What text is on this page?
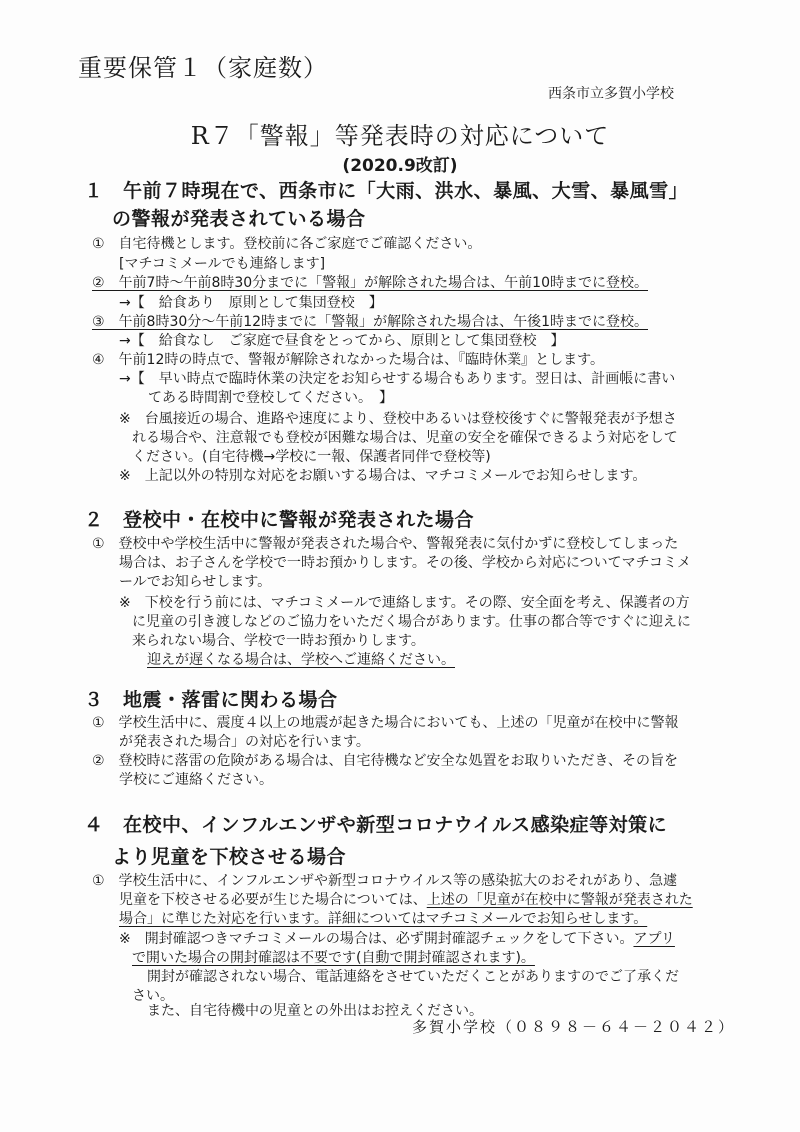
重要保管１（家庭数）
西条市立多賀小学校
R７「警報」等発表時の対応について
(2020.9改訂)
１　午前７時現在で、西条市に「大雨、洪水、暴風、大雪、暴風雪」
の警報が発表されている場合
①　自宅待機とします。登校前に各ご家庭でご確認ください。
[マチコミメールでも連絡します]
②　午前7時～午前8時30分までに「警報」が解除された場合は、午前10時までに登校。
→【　給食あり　原則として集団登校　】
③　午前8時30分～午前12時までに「警報」が解除された場合は、午後1時までに登校。
→【　給食なし　ご家庭で昼食をとってから、原則として集団登校　】
④　午前12時の時点で、警報が解除されなかった場合は、『臨時休業』とします。
→【　早い時点で臨時休業の決定をお知らせする場合もあります。翌日は、計画帳に書い
てある時間割で登校してください。　】
※　台風接近の場合、進路や速度により、登校中あるいは登校後すぐに警報発表が予想さ
れる場合や、注意報でも登校が困難な場合は、児童の安全を確保できるよう対応をして
ください。(自宅待機→学校に一報、保護者同伴で登校等)
※　上記以外の特別な対応をお願いする場合は、マチコミメールでお知らせします。
２　登校中・在校中に警報が発表された場合
①　登校中や学校生活中に警報が発表された場合や、警報発表に気付かずに登校してしまった
場合は、お子さんを学校で一時お預かりします。その後、学校から対応についてマチコミメ
ールでお知らせします。
※　下校を行う前には、マチコミメールで連絡します。その際、安全面を考え、保護者の方
に児童の引き渡しなどのご協力をいただく場合があります。仕事の都合等ですぐに迎えに
来られない場合、学校で一時お預かりします。
迎えが遅くなる場合は、学校へご連絡ください。
３　地震・落雷に関わる場合
①　学校生活中に、震度４以上の地震が起きた場合においても、上述の「児童が在校中に警報
が発表された場合」の対応を行います。
②　登校時に落雷の危険がある場合は、自宅待機など安全な処置をお取りいただき、その旨を
学校にご連絡ください。
４　在校中、インフルエンザや新型コロナウイルス感染症等対策に
より児童を下校させる場合
①　学校生活中に、インフルエンザや新型コロナウイルス等の感染拡大のおそれがあり、急遽
児童を下校させる必要が生じた場合については、上述の「児童が在校中に警報が発表された
場合」に準じた対応を行います。詳細についてはマチコミメールでお知らせします。
※　開封確認つきマチコミメールの場合は、必ず開封確認チェックをして下さい。アプリ
で開いた場合の開封確認は不要です(自動で開封確認されます)。
開封が確認されない場合、電話連絡をさせていただくことがありますのでご了承くだ
さい。
また、自宅待機中の児童との外出はお控えください。
多賀小学校（０８９８－６４－２０４２）
